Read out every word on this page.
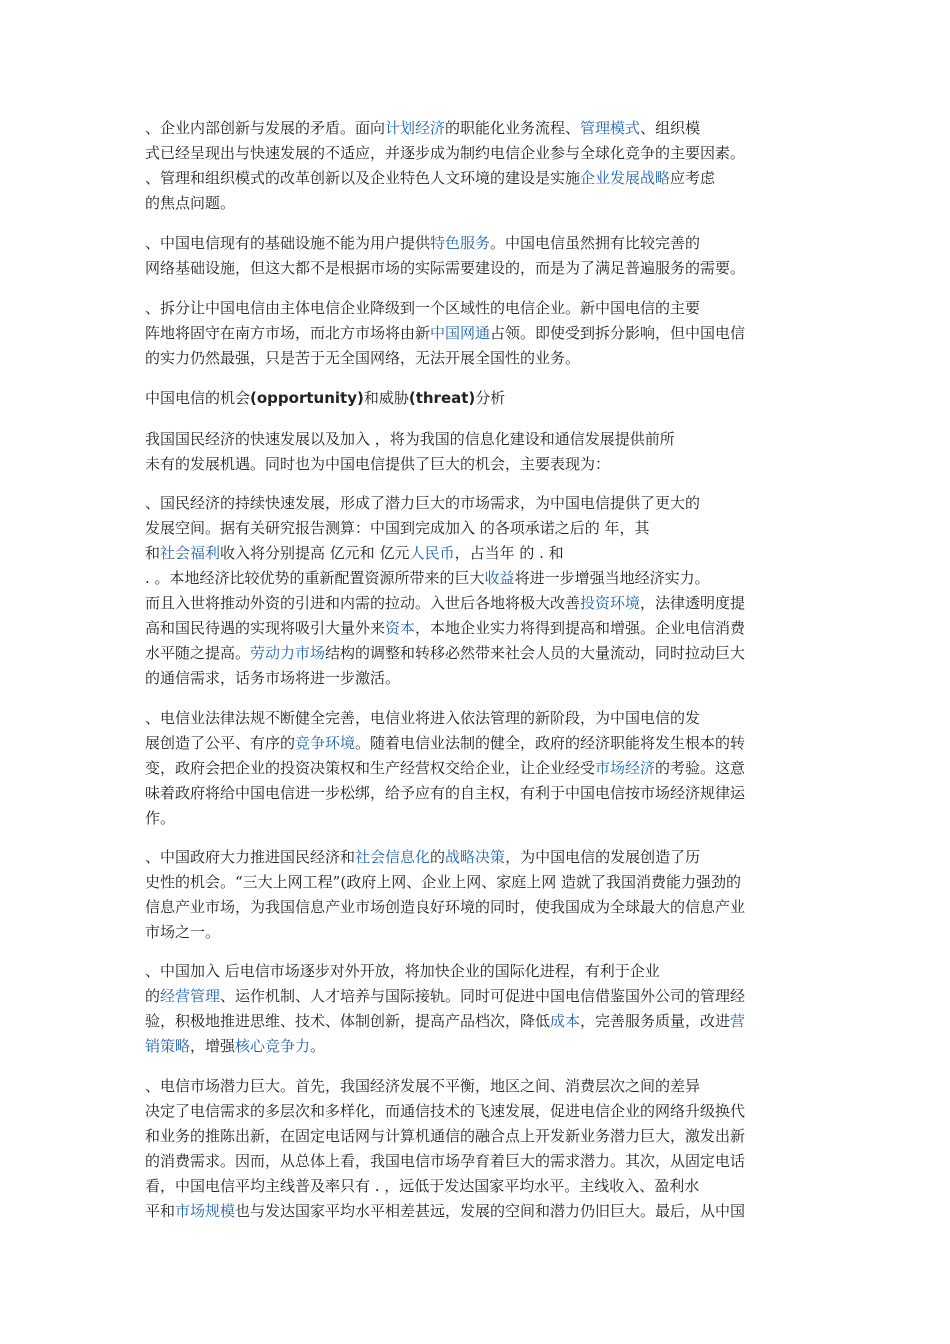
、企业内部创新与发展的矛盾。面向计划经济的职能化业务流程、管理模式、组织模
式已经呈现出与快速发展的不适应，并逐步成为制约电信企业参与全球化竞争的主要因素。
、管理和组织模式的改革创新以及企业特色人文环境的建设是实施企业发展战略应考虑
的焦点问题。
、中国电信现有的基础设施不能为用户提供特色服务。中国电信虽然拥有比较完善的
网络基础设施，但这大都不是根据市场的实际需要建设的，而是为了满足普遍服务的需要。
、拆分让中国电信由主体电信企业降级到一个区域性的电信企业。新中国电信的主要
阵地将固守在南方市场，而北方市场将由新中国网通占领。即使受到拆分影响，但中国电信
的实力仍然最强，只是苦于无全国网络，无法开展全国性的业务。
中国电信的机会(opportunity)和威胁(threat)分析
我国国民经济的快速发展以及加入 ，将为我国的信息化建设和通信发展提供前所
未有的发展机遇。同时也为中国电信提供了巨大的机会，主要表现为：
、国民经济的持续快速发展，形成了潜力巨大的市场需求，为中国电信提供了更大的
发展空间。据有关研究报告测算：中国到完成加入 的各项承诺之后的 年，其
和社会福利收入将分别提高 亿元和 亿元人民币，占当年 的 . 和
. 。本地经济比较优势的重新配置资源所带来的巨大收益将进一步增强当地经济实力。
而且入世将推动外资的引进和内需的拉动。入世后各地将极大改善投资环境，法律透明度提
高和国民待遇的实现将吸引大量外来资本，本地企业实力将得到提高和增强。企业电信消费
水平随之提高。劳动力市场结构的调整和转移必然带来社会人员的大量流动，同时拉动巨大
的通信需求，话务市场将进一步激活。
、电信业法律法规不断健全完善，电信业将进入依法管理的新阶段，为中国电信的发
展创造了公平、有序的竞争环境。随着电信业法制的健全，政府的经济职能将发生根本的转
变，政府会把企业的投资决策权和生产经营权交给企业，让企业经受市场经济的考验。这意
味着政府将给中国电信进一步松绑，给予应有的自主权，有利于中国电信按市场经济规律运
作。
、中国政府大力推进国民经济和社会信息化的战略决策，为中国电信的发展创造了历
史性的机会。“三大上网工程”(政府上网、企业上网、家庭上网 造就了我国消费能力强劲的
信息产业市场，为我国信息产业市场创造良好环境的同时，使我国成为全球最大的信息产业
市场之一。
、中国加入 后电信市场逐步对外开放，将加快企业的国际化进程，有利于企业
的经营管理、运作机制、人才培养与国际接轨。同时可促进中国电信借鉴国外公司的管理经
验，积极地推进思维、技术、体制创新，提高产品档次，降低成本，完善服务质量，改进营
销策略，增强核心竞争力。
、电信市场潜力巨大。首先，我国经济发展不平衡，地区之间、消费层次之间的差异
决定了电信需求的多层次和多样化，而通信技术的飞速发展，促进电信企业的网络升级换代
和业务的推陈出新，在固定电话网与计算机通信的融合点上开发新业务潜力巨大，激发出新
的消费需求。因而，从总体上看，我国电信市场孕育着巨大的需求潜力。其次，从固定电话
看，中国电信平均主线普及率只有 . ，远低于发达国家平均水平。主线收入、盈利水
平和市场规模也与发达国家平均水平相差甚远，发展的空间和潜力仍旧巨大。最后，从中国
